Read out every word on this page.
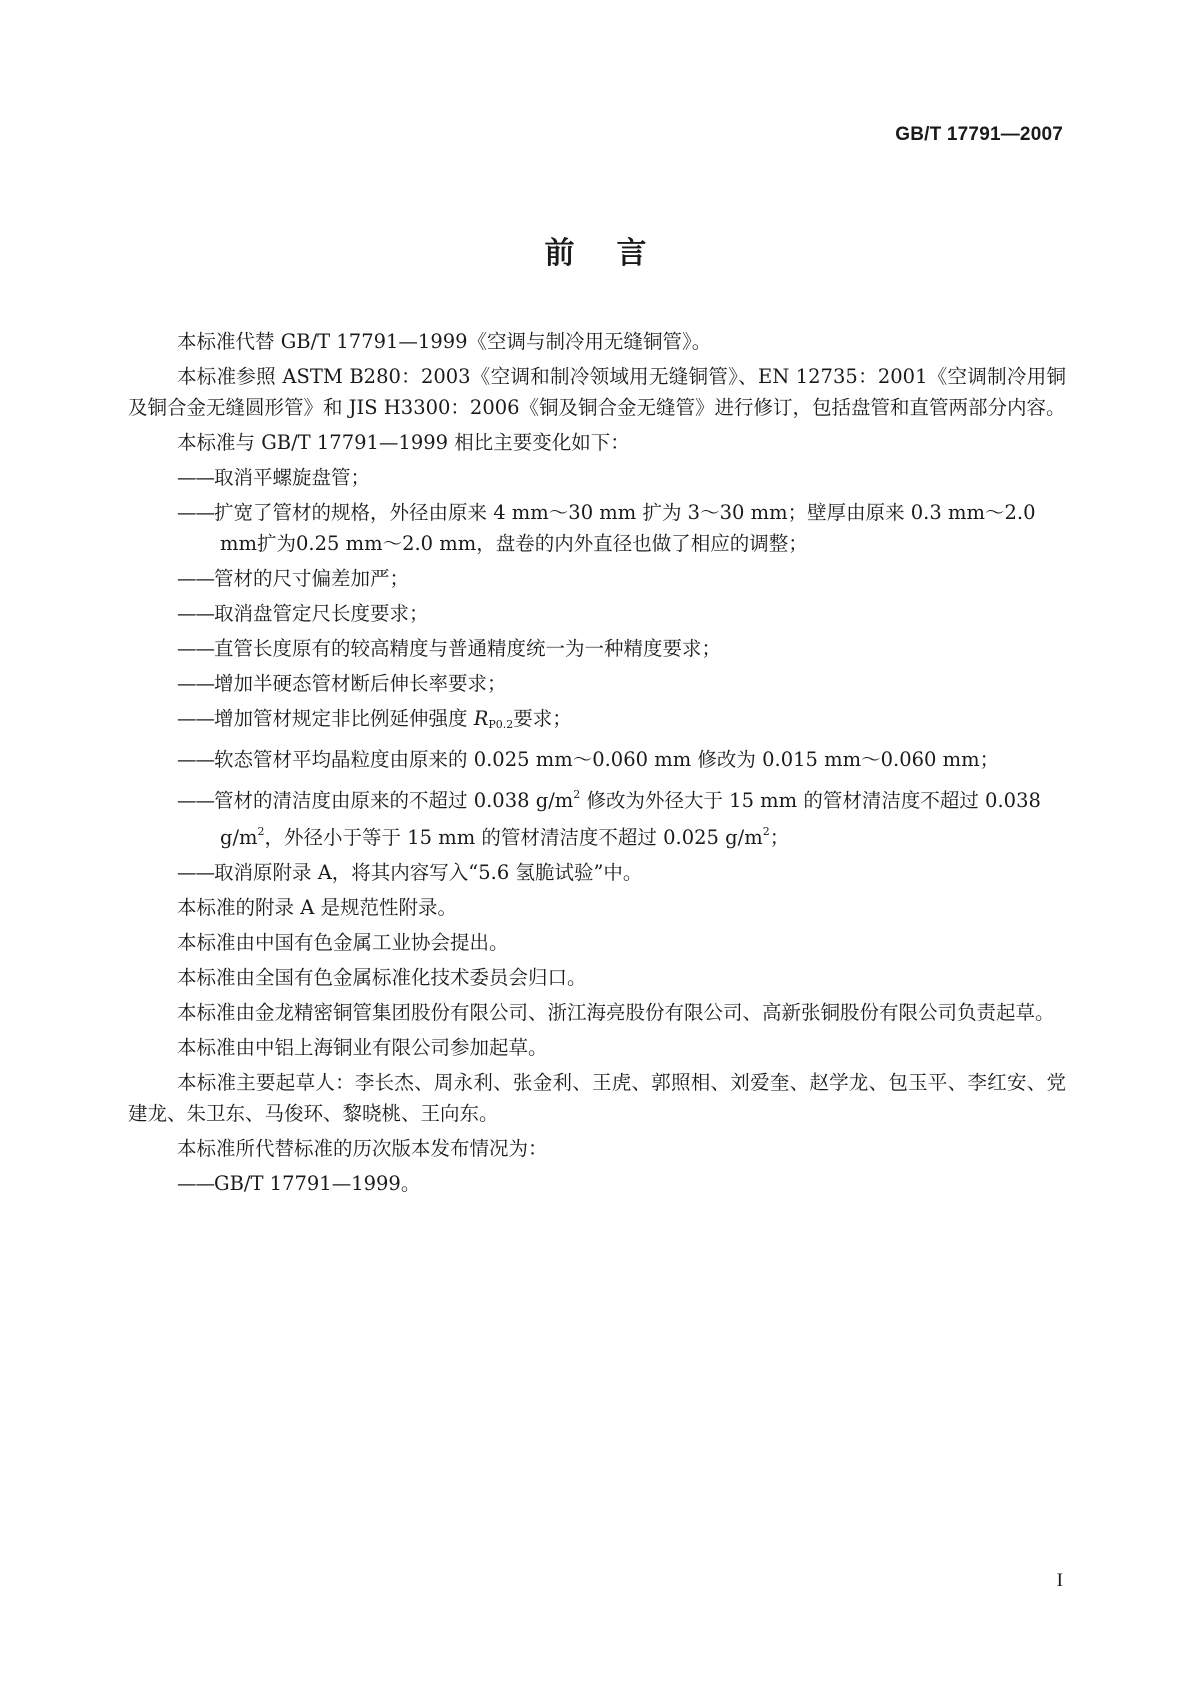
GB/T 17791—2007
前言

本标准代替 GB/T 17791—1999《空调与制冷用无缝铜管》。

本标准参照 ASTM B280：2003《空调和制冷领域用无缝铜管》、EN 12735：2001《空调制冷用铜及铜合金无缝圆形管》和 JIS H3300：2006《铜及铜合金无缝管》进行修订，包括盘管和直管两部分内容。

本标准与 GB/T 17791—1999 相比主要变化如下：

——取消平螺旋盘管；
——扩宽了管材的规格，外径由原来 4 mm～30 mm 扩为 3～30 mm；壁厚由原来 0.3 mm～2.0 mm扩为0.25 mm～2.0 mm，盘卷的内外直径也做了相应的调整；
——管材的尺寸偏差加严；
——取消盘管定尺长度要求；
——直管长度原有的较高精度与普通精度统一为一种精度要求；
——增加半硬态管材断后伸长率要求；
——增加管材规定非比例延伸强度 $R_{P0.2}$要求；
——软态管材平均晶粒度由原来的 0.025 mm～0.060 mm 修改为 0.015 mm～0.060 mm；
——管材的清洁度由原来的不超过 0.038 $g/m^2$ 修改为外径大于 15 mm 的管材清洁度不超过 0.038 $g/m^2$，外径小于等于 15 mm 的管材清洁度不超过 0.025 $g/m^2$；
——取消原附录 A，将其内容写入“5.6 氢脆试验”中。

本标准的附录 A 是规范性附录。

本标准由中国有色金属工业协会提出。

本标准由全国有色金属标准化技术委员会归口。

本标准由金龙精密铜管集团股份有限公司、浙江海亮股份有限公司、高新张铜股份有限公司负责起草。

本标准由中铝上海铜业有限公司参加起草。

本标准主要起草人：李长杰、周永利、张金利、王虎、郭照相、刘爱奎、赵学龙、包玉平、李红安、党建龙、朱卫东、马俊环、黎晓桃、王向东。

本标准所代替标准的历次版本发布情况为：

——GB/T 17791—1999。
I
